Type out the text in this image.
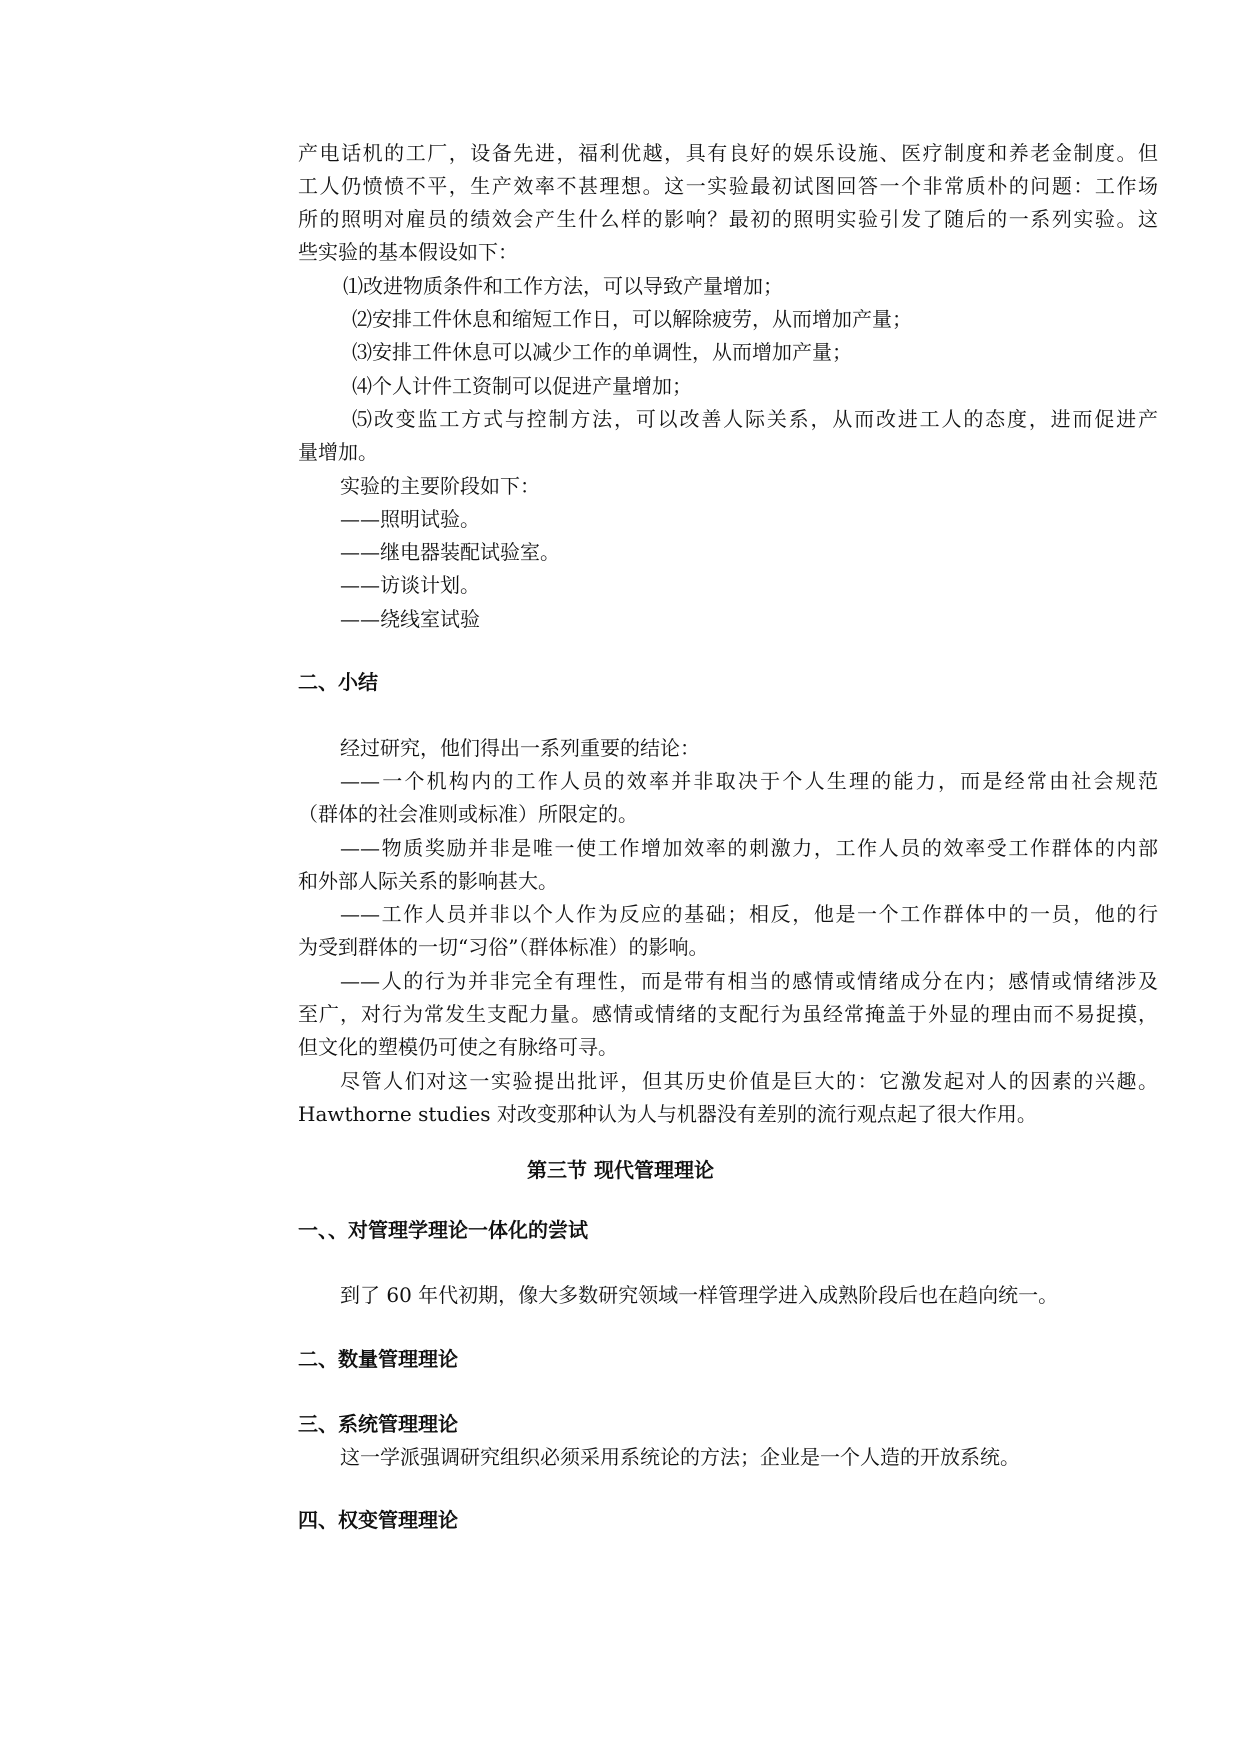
产电话机的工厂，设备先进，福利优越，具有良好的娱乐设施、医疗制度和养老金制度。但
工人仍愤愤不平，生产效率不甚理想。这一实验最初试图回答一个非常质朴的问题：工作场
所的照明对雇员的绩效会产生什么样的影响？最初的照明实验引发了随后的一系列实验。这
些实验的基本假设如下：
⑴改进物质条件和工作方法，可以导致产量增加；
⑵安排工件休息和缩短工作日，可以解除疲劳，从而增加产量；
⑶安排工件休息可以减少工作的单调性，从而增加产量；
⑷个人计件工资制可以促进产量增加；
⑸改变监工方式与控制方法，可以改善人际关系，从而改进工人的态度，进而促进产
量增加。
实验的主要阶段如下：
——照明试验。
——继电器装配试验室。
——访谈计划。
——绕线室试验
二、小结
经过研究，他们得出一系列重要的结论：
——一个机构内的工作人员的效率并非取决于个人生理的能力，而是经常由社会规范
（群体的社会准则或标准）所限定的。
——物质奖励并非是唯一使工作增加效率的刺激力，工作人员的效率受工作群体的内部
和外部人际关系的影响甚大。
——工作人员并非以个人作为反应的基础；相反，他是一个工作群体中的一员，他的行
为受到群体的一切“习俗”（群体标准）的影响。
——人的行为并非完全有理性，而是带有相当的感情或情绪成分在内；感情或情绪涉及
至广，对行为常发生支配力量。感情或情绪的支配行为虽经常掩盖于外显的理由而不易捉摸，
但文化的塑模仍可使之有脉络可寻。
尽管人们对这一实验提出批评，但其历史价值是巨大的：它激发起对人的因素的兴趣。
Hawthorne studies 对改变那种认为人与机器没有差别的流行观点起了很大作用。
第三节 现代管理理论
一、、对管理学理论一体化的尝试
到了 60 年代初期，像大多数研究领域一样管理学进入成熟阶段后也在趋向统一。
二、数量管理理论
三、系统管理理论
这一学派强调研究组织必须采用系统论的方法；企业是一个人造的开放系统。
四、权变管理理论
